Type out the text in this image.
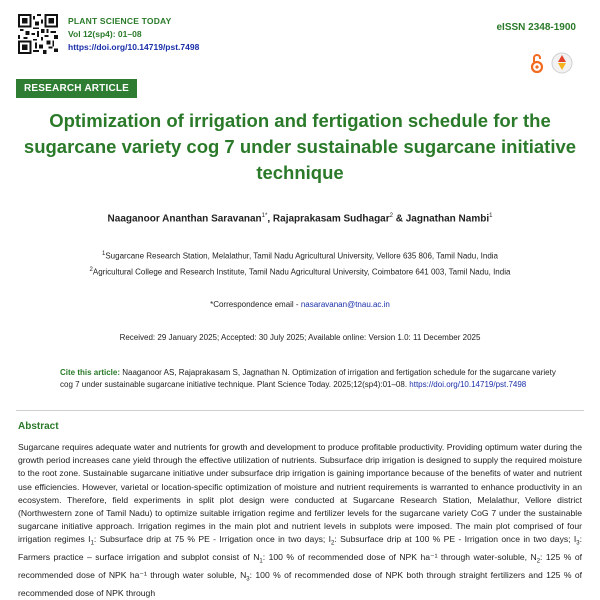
PLANT SCIENCE TODAY
Vol 12(sp4): 01–08
https://doi.org/10.14719/pst.7498
eISSN 2348-1900
RESEARCH ARTICLE
Optimization of irrigation and fertigation schedule for the sugarcane variety cog 7 under sustainable sugarcane initiative technique
Naaganoor Ananthan Saravanan$^{1*}$, Rajaprakasam Sudhagar$^2$ & Jagnathan Nambi$^1$
$^1$Sugarcane Research Station, Melalathur, Tamil Nadu Agricultural University, Vellore 635 806, Tamil Nadu, India
$^2$Agricultural College and Research Institute, Tamil Nadu Agricultural University, Coimbatore 641 003, Tamil Nadu, India
*Correspondence email - nasaravanan@tnau.ac.in
Received: 29 January 2025; Accepted: 30 July 2025; Available online: Version 1.0: 11 December 2025
Cite this article: Naaganoor AS, Rajaprakasam S, Jagnathan N. Optimization of irrigation and fertigation schedule for the sugarcane variety cog 7 under sustainable sugarcane initiative technique. Plant Science Today. 2025;12(sp4):01–08. https://doi.org/10.14719/pst.7498
Abstract
Sugarcane requires adequate water and nutrients for growth and development to produce profitable productivity. Providing optimum water during the growth period increases cane yield through the effective utilization of nutrients. Subsurface drip irrigation is designed to supply the required moisture to the root zone. Sustainable sugarcane initiative under subsurface drip irrigation is gaining importance because of the benefits of water and nutrient use efficiencies. However, varietal or location-specific optimization of moisture and nutrient requirements is warranted to enhance productivity in an ecosystem. Therefore, field experiments in split plot design were conducted at Sugarcane Research Station, Melalathur, Vellore district (Northwestern zone of Tamil Nadu) to optimize suitable irrigation regime and fertilizer levels for the sugarcane variety CoG 7 under the sustainable sugarcane initiative approach. Irrigation regimes in the main plot and nutrient levels in subplots were imposed. The main plot comprised of four irrigation regimes $I_1$: Subsurface drip at 75 % PE - Irrigation once in two days; $I_2$: Subsurface drip at 100 % PE - Irrigation once in two days; $I_3$: Farmers practice – surface irrigation and subplot consist of $N_1$: 100 % of recommended dose of NPK ha⁻¹ through water-soluble, $N_2$: 125 % of recommended dose of NPK ha⁻¹ through water soluble, $N_3$: 100 % of recommended dose of NPK both through straight fertilizers and 125 % of recommended dose of NPK through
